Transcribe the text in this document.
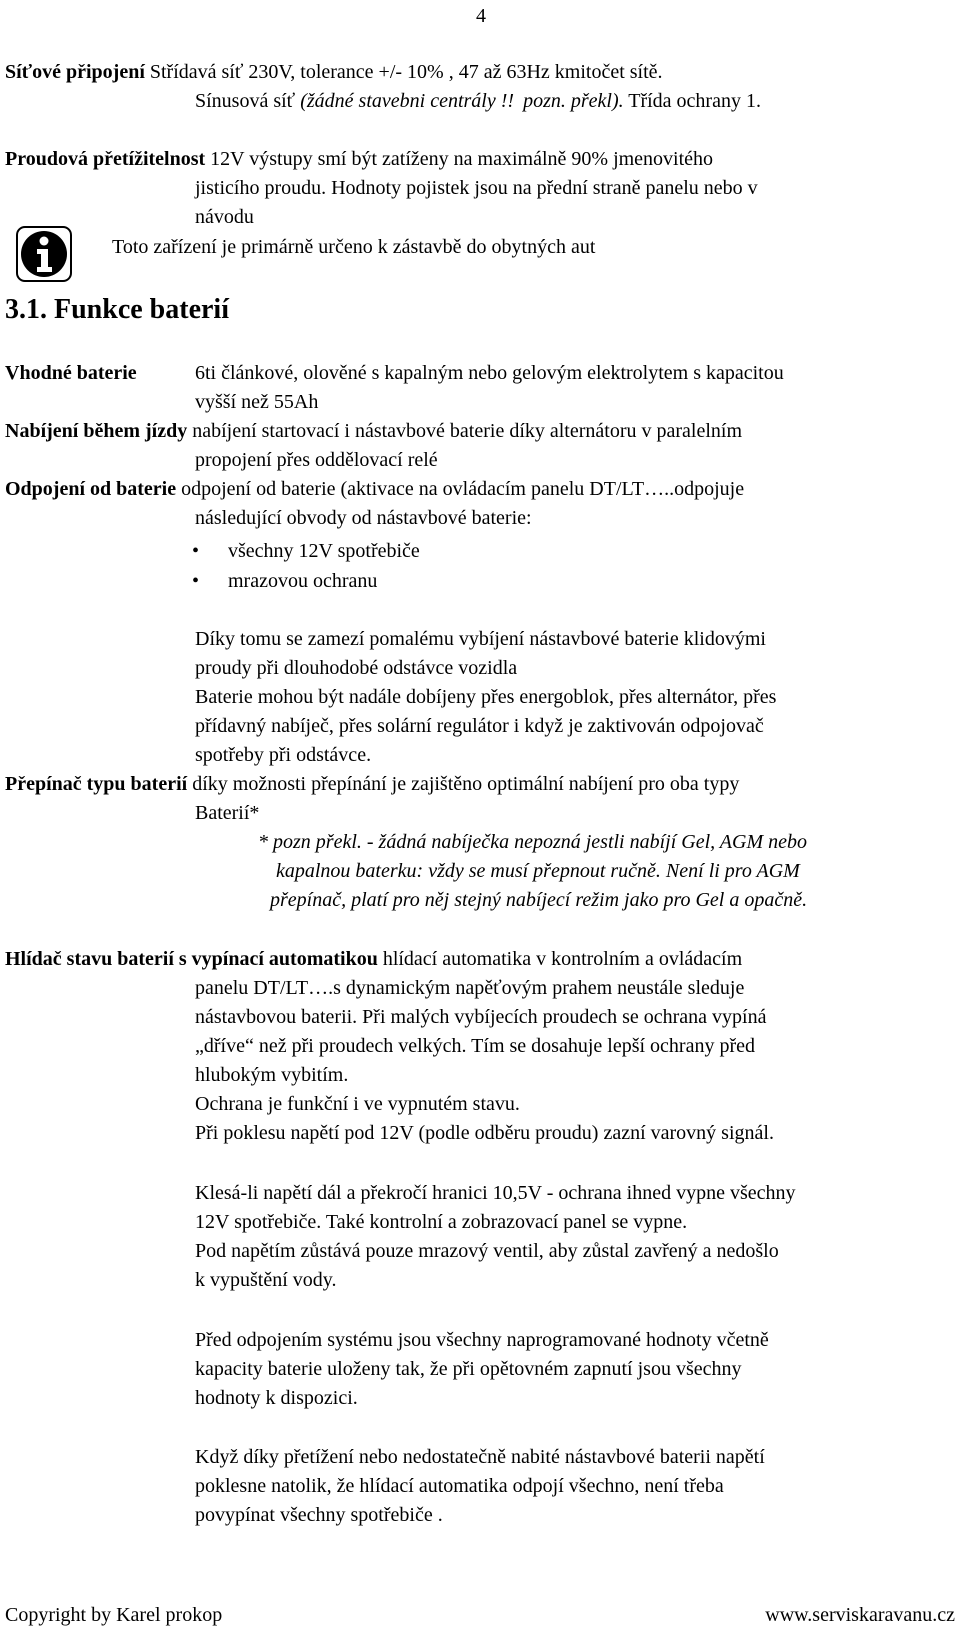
4
Síťové připojení Střídavá síť 230V, tolerance +/- 10% , 47 až 63Hz kmitočet sítě.
Sínusová síť (žádné stavebni centrály !! pozn. překl). Třída ochrany 1.
Proudová přetížitelnost 12V výstupy smí být zatíženy na maximálně 90% jmenovitého
jisticího proudu. Hodnoty pojistek jsou na přední straně panelu nebo v
návodu
Toto zařízení je primárně určeno k zástavbě do obytných aut
3.1. Funkce baterií
Vhodné baterie	6ti článkové, olověné s kapalným nebo gelovým elektrolytem s kapacitou
vyšší než 55Ah
Nabíjení během jízdy nabíjení startovací i nástavbové baterie díky alternátoru v paralelním
propojení přes oddělovací relé
Odpojení od baterie odpojení od baterie (aktivace na ovládacím panelu DT/LT…..odpojuje
následující obvody od nástavbové baterie:
• všechny 12V spotřebiče
• mrazovou ochranu
Díky tomu se zamezí pomalému vybíjení nástavbové baterie klidovými
proudy při dlouhodobé odstávce vozidla
Baterie mohou být nadále dobíjeny přes energoblok, přes alternátor, přes
přídavný nabíječ, přes solární regulátor i když je zaktivován odpojovač
spotřeby při odstávce.
Přepínač typu baterií díky možnosti přepínání je zajištěno optimální nabíjení pro oba typy
Baterií*
* pozn překl. - žádná nabíječka nepozná jestli nabíjí Gel, AGM nebo
kapalnou baterku: vždy se musí přepnout ručně. Není li pro AGM
přepínač, platí pro něj stejný nabíjecí režim jako pro Gel a opačně.
Hlídač stavu baterií s vypínací automatikou hlídací automatika v kontrolním a ovládacím
panelu DT/LT….s dynamickým napěťovým prahem neustále sleduje
nástavbovou baterii. Při malých vybíjecích proudech se ochrana vypíná
„dříve“ než při proudech velkých. Tím se dosahuje lepší ochrany před
hlubokým vybitím.
Ochrana je funkční i ve vypnutém stavu.
Při poklesu napětí pod 12V (podle odběru proudu) zazní varovný signál.
Klesá-li napětí dál a překročí hranici 10,5V - ochrana ihned vypne všechny
12V spotřebiče. Také kontrolní a zobrazovací panel se vypne.
Pod napětím zůstává pouze mrazový ventil, aby zůstal zavřený a nedošlo
k vypuštění vody.
Před odpojením systému jsou všechny naprogramované hodnoty včetně
kapacity baterie uloženy tak, že při opětovném zapnutí jsou všechny
hodnoty k dispozici.
Když díky přetížení nebo nedostatečně nabité nástavbové baterii napětí
poklesne natolik, že hlídací automatika odpojí všechno, není třeba
povypínat všechny spotřebiče .
Copyright by Karel prokop	www.serviskaravanu.cz
